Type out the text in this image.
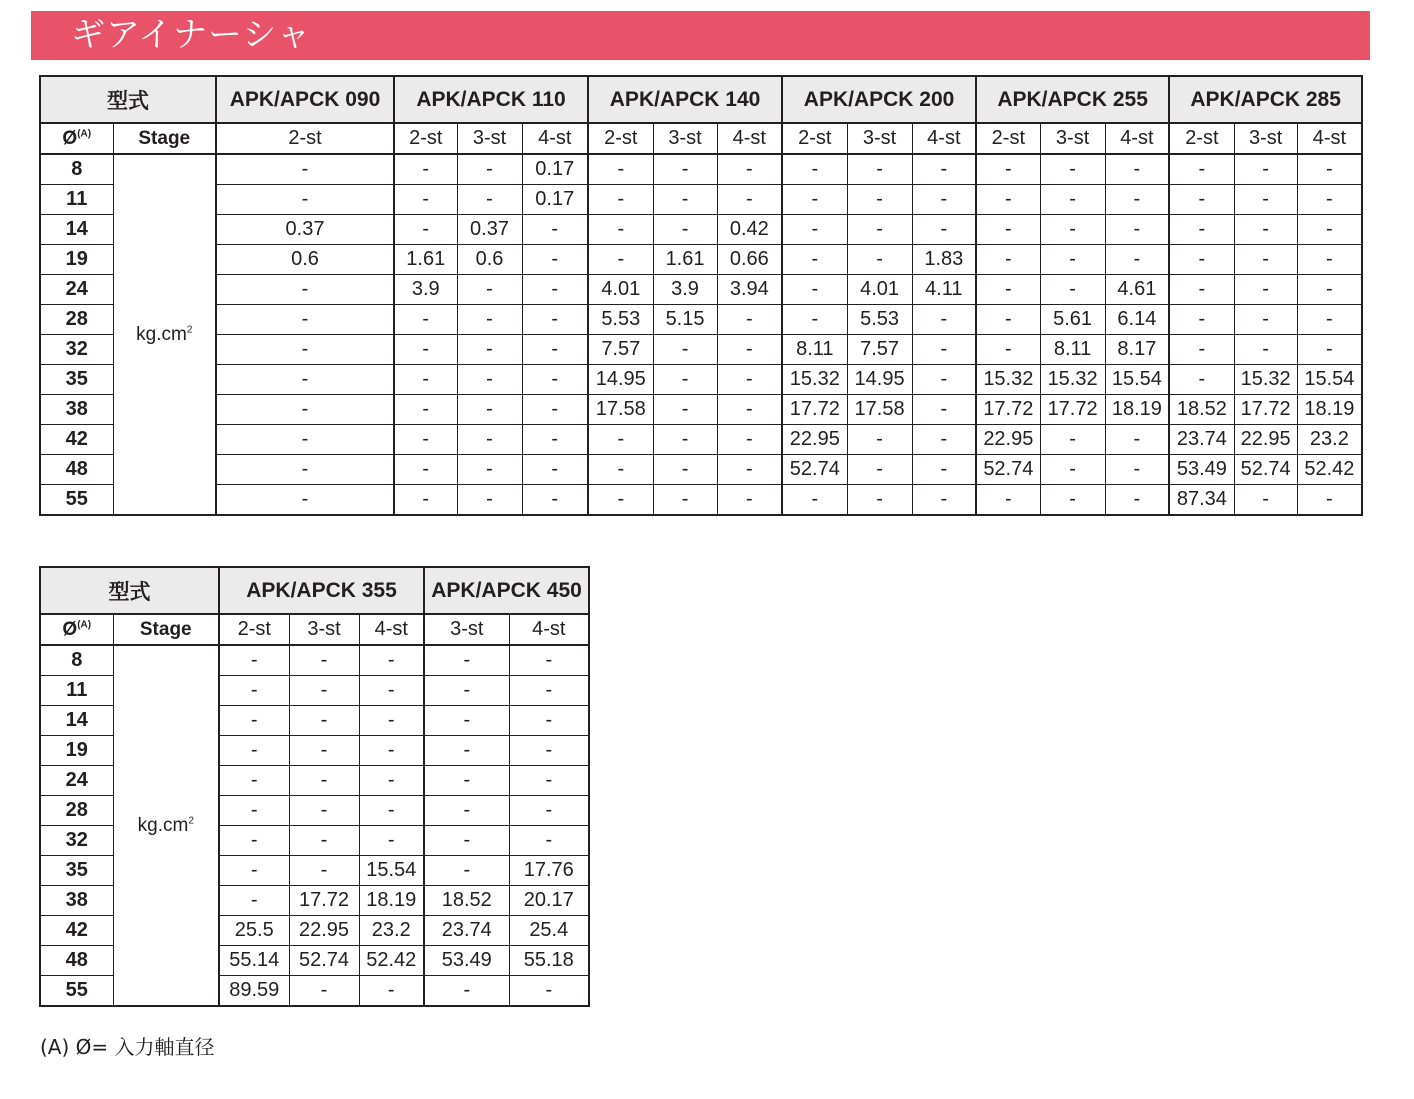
ギアイナーシャ
型式		APK/APCK 090	APK/APCK 110			APK/APCK 140			APK/APCK 200			APK/APCK 255			APK/APCK 285		
$Ø^{(A)}$	Stage	2-st	2-st	3-st	4-st	2-st	3-st	4-st	2-st	3-st	4-st	2-st	3-st	4-st	2-st	3-st	4-st
8	$kg.cm^2$	-	-	-	0.17	-	-	-	-	-	-	-	-	-	-	-	-
11		-	-	-	0.17	-	-	-	-	-	-	-	-	-	-	-	-
14		0.37	-	0.37	-	-	-	0.42	-	-	-	-	-	-	-	-	-
19		0.6	1.61	0.6	-	-	1.61	0.66	-	-	1.83	-	-	-	-	-	-
24		-	3.9	-	-	4.01	3.9	3.94	-	4.01	4.11	-	-	4.61	-	-	-
28		-	-	-	-	5.53	5.15	-	-	5.53	-	-	5.61	6.14	-	-	-
32		-	-	-	-	7.57	-	-	8.11	7.57	-	-	8.11	8.17	-	-	-
35		-	-	-	-	14.95	-	-	15.32	14.95	-	15.32	15.32	15.54	-	15.32	15.54
38		-	-	-	-	17.58	-	-	17.72	17.58	-	17.72	17.72	18.19	18.52	17.72	18.19
42		-	-	-	-	-	-	-	22.95	-	-	22.95	-	-	23.74	22.95	23.2
48		-	-	-	-	-	-	-	52.74	-	-	52.74	-	-	53.49	52.74	52.42
55		-	-	-	-	-	-	-	-	-	-	-	-	-	87.34	-	-
型式		APK/APCK 355			APK/APCK 450	
$Ø^{(A)}$	Stage	2-st	3-st	4-st	3-st	4-st
8	$kg.cm^2$	-	-	-	-	-
11		-	-	-	-	-
14		-	-	-	-	-
19		-	-	-	-	-
24		-	-	-	-	-
28		-	-	-	-	-
32		-	-	-	-	-
35		-	-	15.54	-	17.76
38		-	17.72	18.19	18.52	20.17
42		25.5	22.95	23.2	23.74	25.4
48		55.14	52.74	52.42	53.49	55.18
55		89.59	-	-	-	-
(A) Ø= 入力軸直径
